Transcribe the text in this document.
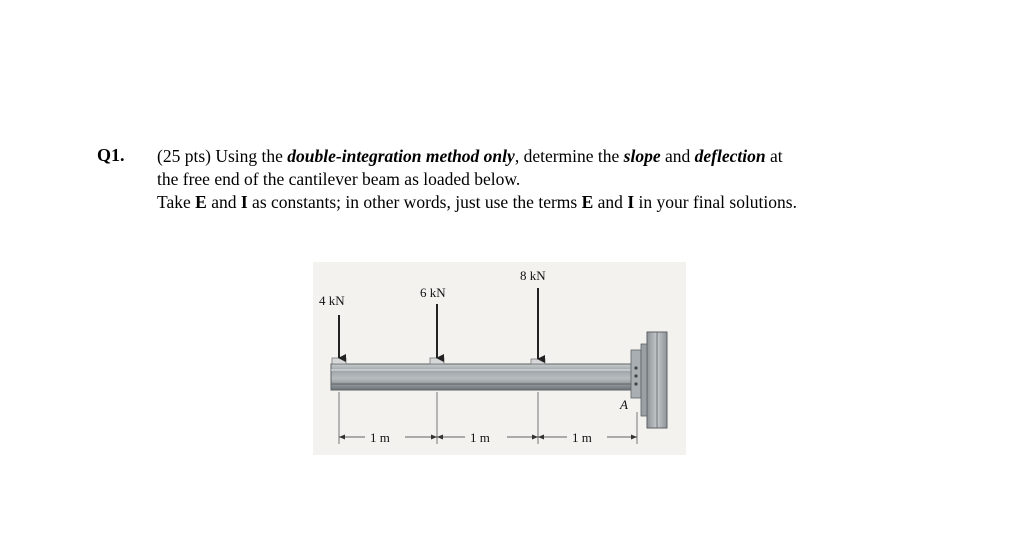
Q1. (25 pts) Using the double-integration method only, determine the slope and deflection at
the free end of the cantilever beam as loaded below.
Take E and I as constants; in other words, just use the terms E and I in your final solutions.
4 kN
6 kN
8 kN
A
1 m	1 m	1 m
